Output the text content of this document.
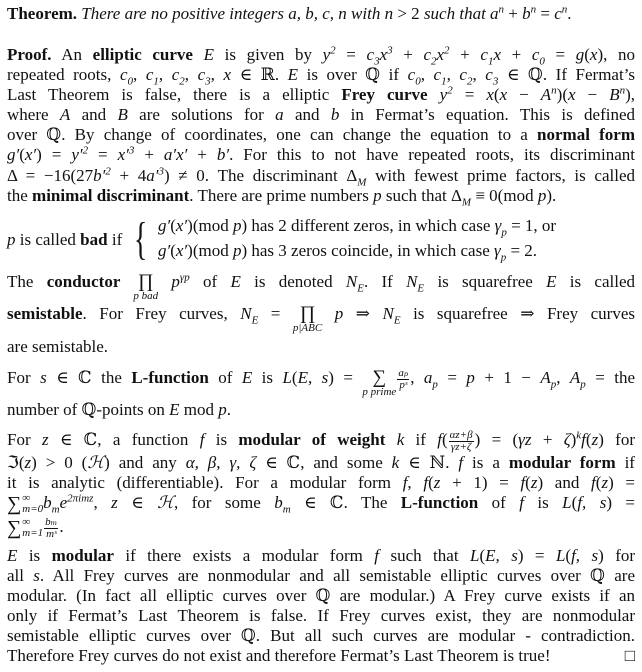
Theorem. There are no positive integers a, b, c, n with n > 2 such that $a^n + b^n = c^n$.
Proof. An elliptic curve E is given by $y^2 = c_3x^3 + c_2x^2 + c_1x + c_0 = g(x)$, no
repeated roots, $c_0$, $c_1$, $c_2$, $c_3$, x ∈ ℝ. E is over ℚ if $c_0$, $c_1$, $c_2$, $c_3$ ∈ ℚ. If Fermat’s
Last Theorem is false, there is a elliptic Frey curve $y^2 = x(x - A^n)(x - B^n)$,
where A and B are solutions for a and b in Fermat’s equation. This is defined
over ℚ. By change of coordinates, one can change the equation to a normal form
$g'(x') = y'^2 = x'^3 + a'x' + b'$. For this to not have repeated roots, its discriminant
$\Delta = -16(27b'^2 + 4a'^3) \ne 0$. The discriminant $\Delta_M$ with fewest prime factors, is called
the minimal discriminant. There are prime numbers p such that $\Delta_M \equiv 0(mod$ p).
The conductor ∏
p bad
$p^{\gamma p}$ of E is denoted $N_E$. If $N_E$ is squarefree E is called
semistable. For Frey curves, $N_E$ = ∏
p|ABC
p ⇒ $N_E$ is squarefree ⇒ Frey curves
are semistable.
For s ∈ ℂ the L-function of E is L(E, s) = ∑
p prime
$\frac{\text{aₚ}}{\text{pˢ}}$ , $a_p = p + 1 - A_p$, $A_p$ = the
number of ℚ-points on E mod p.
For z ∈ ℂ, a function f is modular of weight k if $f( \frac{\alpha z+\beta}{\gamma z+\zeta}$ ) = $(\gamma z + \zeta)^kf(z)$ for
ℑ(z) > 0 (ℋ) and any α, β, γ, ζ ∈ ℂ, and some k ∈ ℕ. f is a modular form if
it is analytic (differentiable). For a modular form f, f(z + 1) = f(z) and f(z) =
∑ ∞
m=0 $b_me^{2\pi imz}$, z ∈ ℋ, for some $b_m$ ∈ ℂ. The L-function of f is L(f, s) =
∑ ∞
$m=1 \frac{\text{bₘ}}{\text{mˢ}}$ .
E is modular if there exists a modular form f such that L(E, s) = L(f, s) for
all s. All Frey curves are nonmodular and all semistable elliptic curves over ℚ are
modular. (In fact all elliptic curves over ℚ are modular.) A Frey curve exists if an
only if Fermat’s Last Theorem is false. If Frey curves exist, they are nonmodular
semistable elliptic curves over ℚ. But all such curves are modular - contradiction.
Therefore Frey curves do not exist and therefore Fermat’s Last Theorem is true!	□
p is called bad if { g′(x′)(mod p) has 2 different zeros, in which case $\gamma_p = 1$, or
g′(x′)(mod p) has 3 zeros coincide, in which case $\gamma_p = 2$.
